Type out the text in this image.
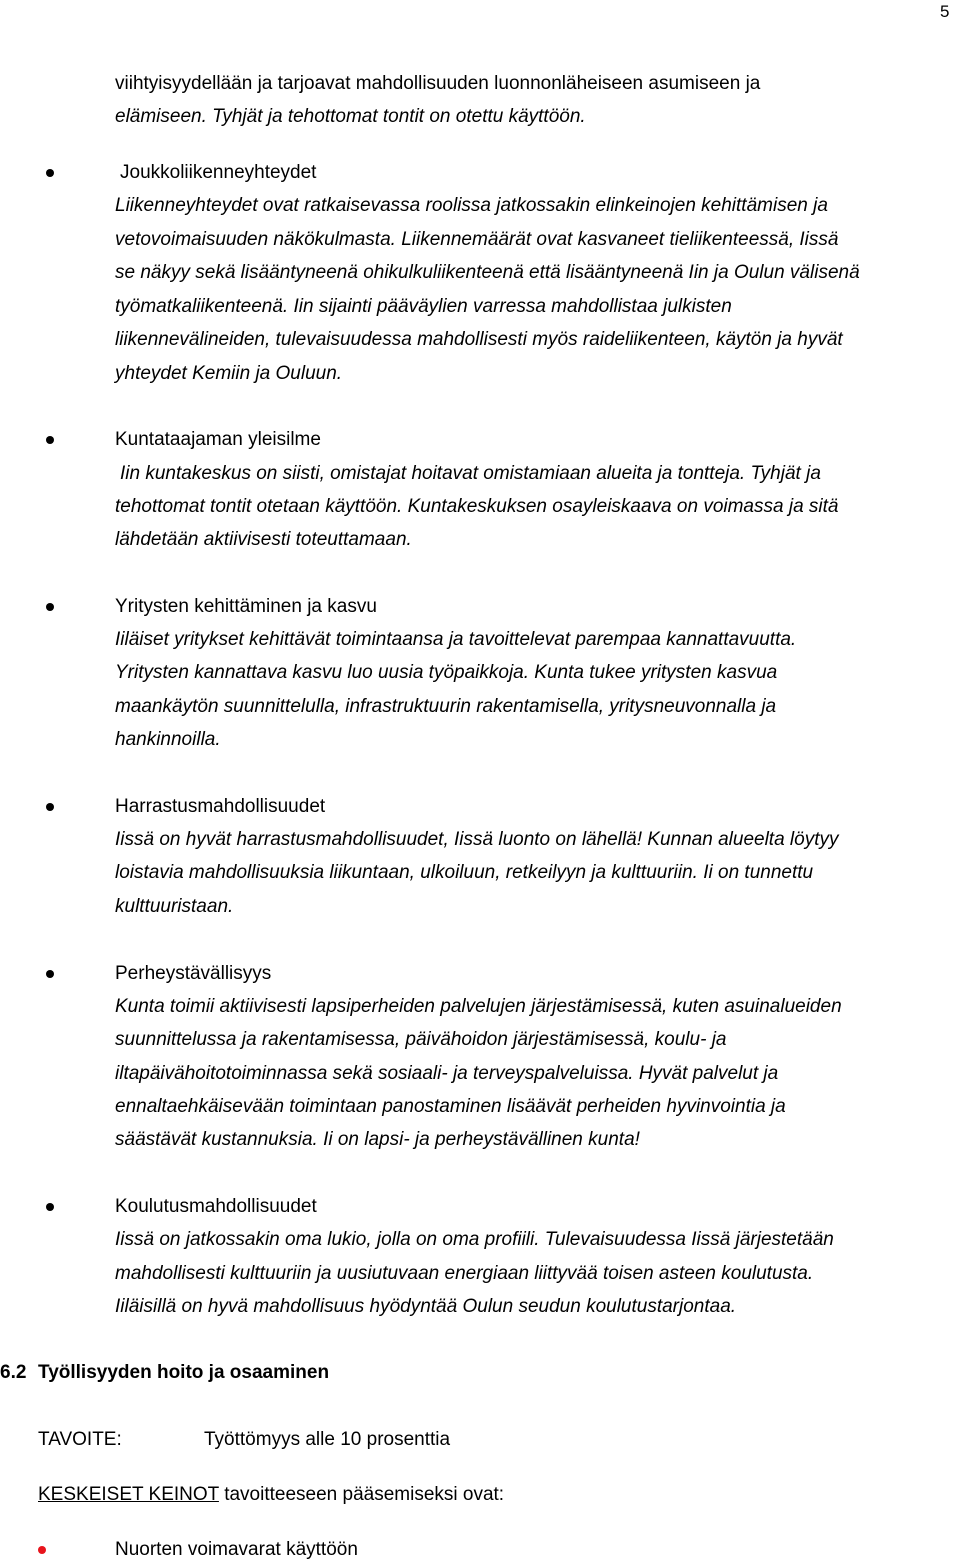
5
viihtyisyydellään ja tarjoavat mahdollisuuden luonnonläheiseen asumiseen ja
elämiseen. Tyhjät ja tehottomat tontit on otettu käyttöön.
Joukkoliikenneyhteydet
Liikenneyhteydet ovat ratkaisevassa roolissa jatkossakin elinkeinojen kehittämisen ja
vetovoimaisuuden näkökulmasta. Liikennemäärät ovat kasvaneet tieliikenteessä, Iissä
se näkyy sekä lisääntyneenä ohikulkuliikenteenä että lisääntyneenä Iin ja Oulun välisenä
työmatkaliikenteenä. Iin sijainti pääväylien varressa mahdollistaa julkisten
liikennevälineiden, tulevaisuudessa mahdollisesti myös raideliikenteen, käytön ja hyvät
yhteydet Kemiin ja Ouluun.
Kuntataajaman yleisilme
Iin kuntakeskus on siisti, omistajat hoitavat omistamiaan alueita ja tontteja. Tyhjät ja
tehottomat tontit otetaan käyttöön. Kuntakeskuksen osayleiskaava on voimassa ja sitä
lähdetään aktiivisesti toteuttamaan.
Yritysten kehittäminen ja kasvu
Iiläiset yritykset kehittävät toimintaansa ja tavoittelevat parempaa kannattavuutta.
Yritysten kannattava kasvu luo uusia työpaikkoja. Kunta tukee yritysten kasvua
maankäytön suunnittelulla, infrastruktuurin rakentamisella, yritysneuvonnalla ja
hankinnoilla.
Harrastusmahdollisuudet
Iissä on hyvät harrastusmahdollisuudet, Iissä luonto on lähellä! Kunnan alueelta löytyy
loistavia mahdollisuuksia liikuntaan, ulkoiluun, retkeilyyn ja kulttuuriin. Ii on tunnettu
kulttuuristaan.
Perheystävällisyys
Kunta toimii aktiivisesti lapsiperheiden palvelujen järjestämisessä, kuten asuinalueiden
suunnittelussa ja rakentamisessa, päivähoidon järjestämisessä, koulu- ja
iltapäivähoitotoiminnassa sekä sosiaali- ja terveyspalveluissa. Hyvät palvelut ja
ennaltaehkäisevään toimintaan panostaminen lisäävät perheiden hyvinvointia ja
säästävät kustannuksia. Ii on lapsi- ja perheystävällinen kunta!
Koulutusmahdollisuudet
Iissä on jatkossakin oma lukio, jolla on oma profiili. Tulevaisuudessa Iissä järjestetään
mahdollisesti kulttuuriin ja uusiutuvaan energiaan liittyvää toisen asteen koulutusta.
Iiläisillä on hyvä mahdollisuus hyödyntää Oulun seudun koulutustarjontaa.
6.2 Työllisyyden hoito ja osaaminen
TAVOITE:	Työttömyys alle 10 prosenttia
KESKEISET KEINOT tavoitteeseen pääsemiseksi ovat:
Nuorten voimavarat käyttöön
